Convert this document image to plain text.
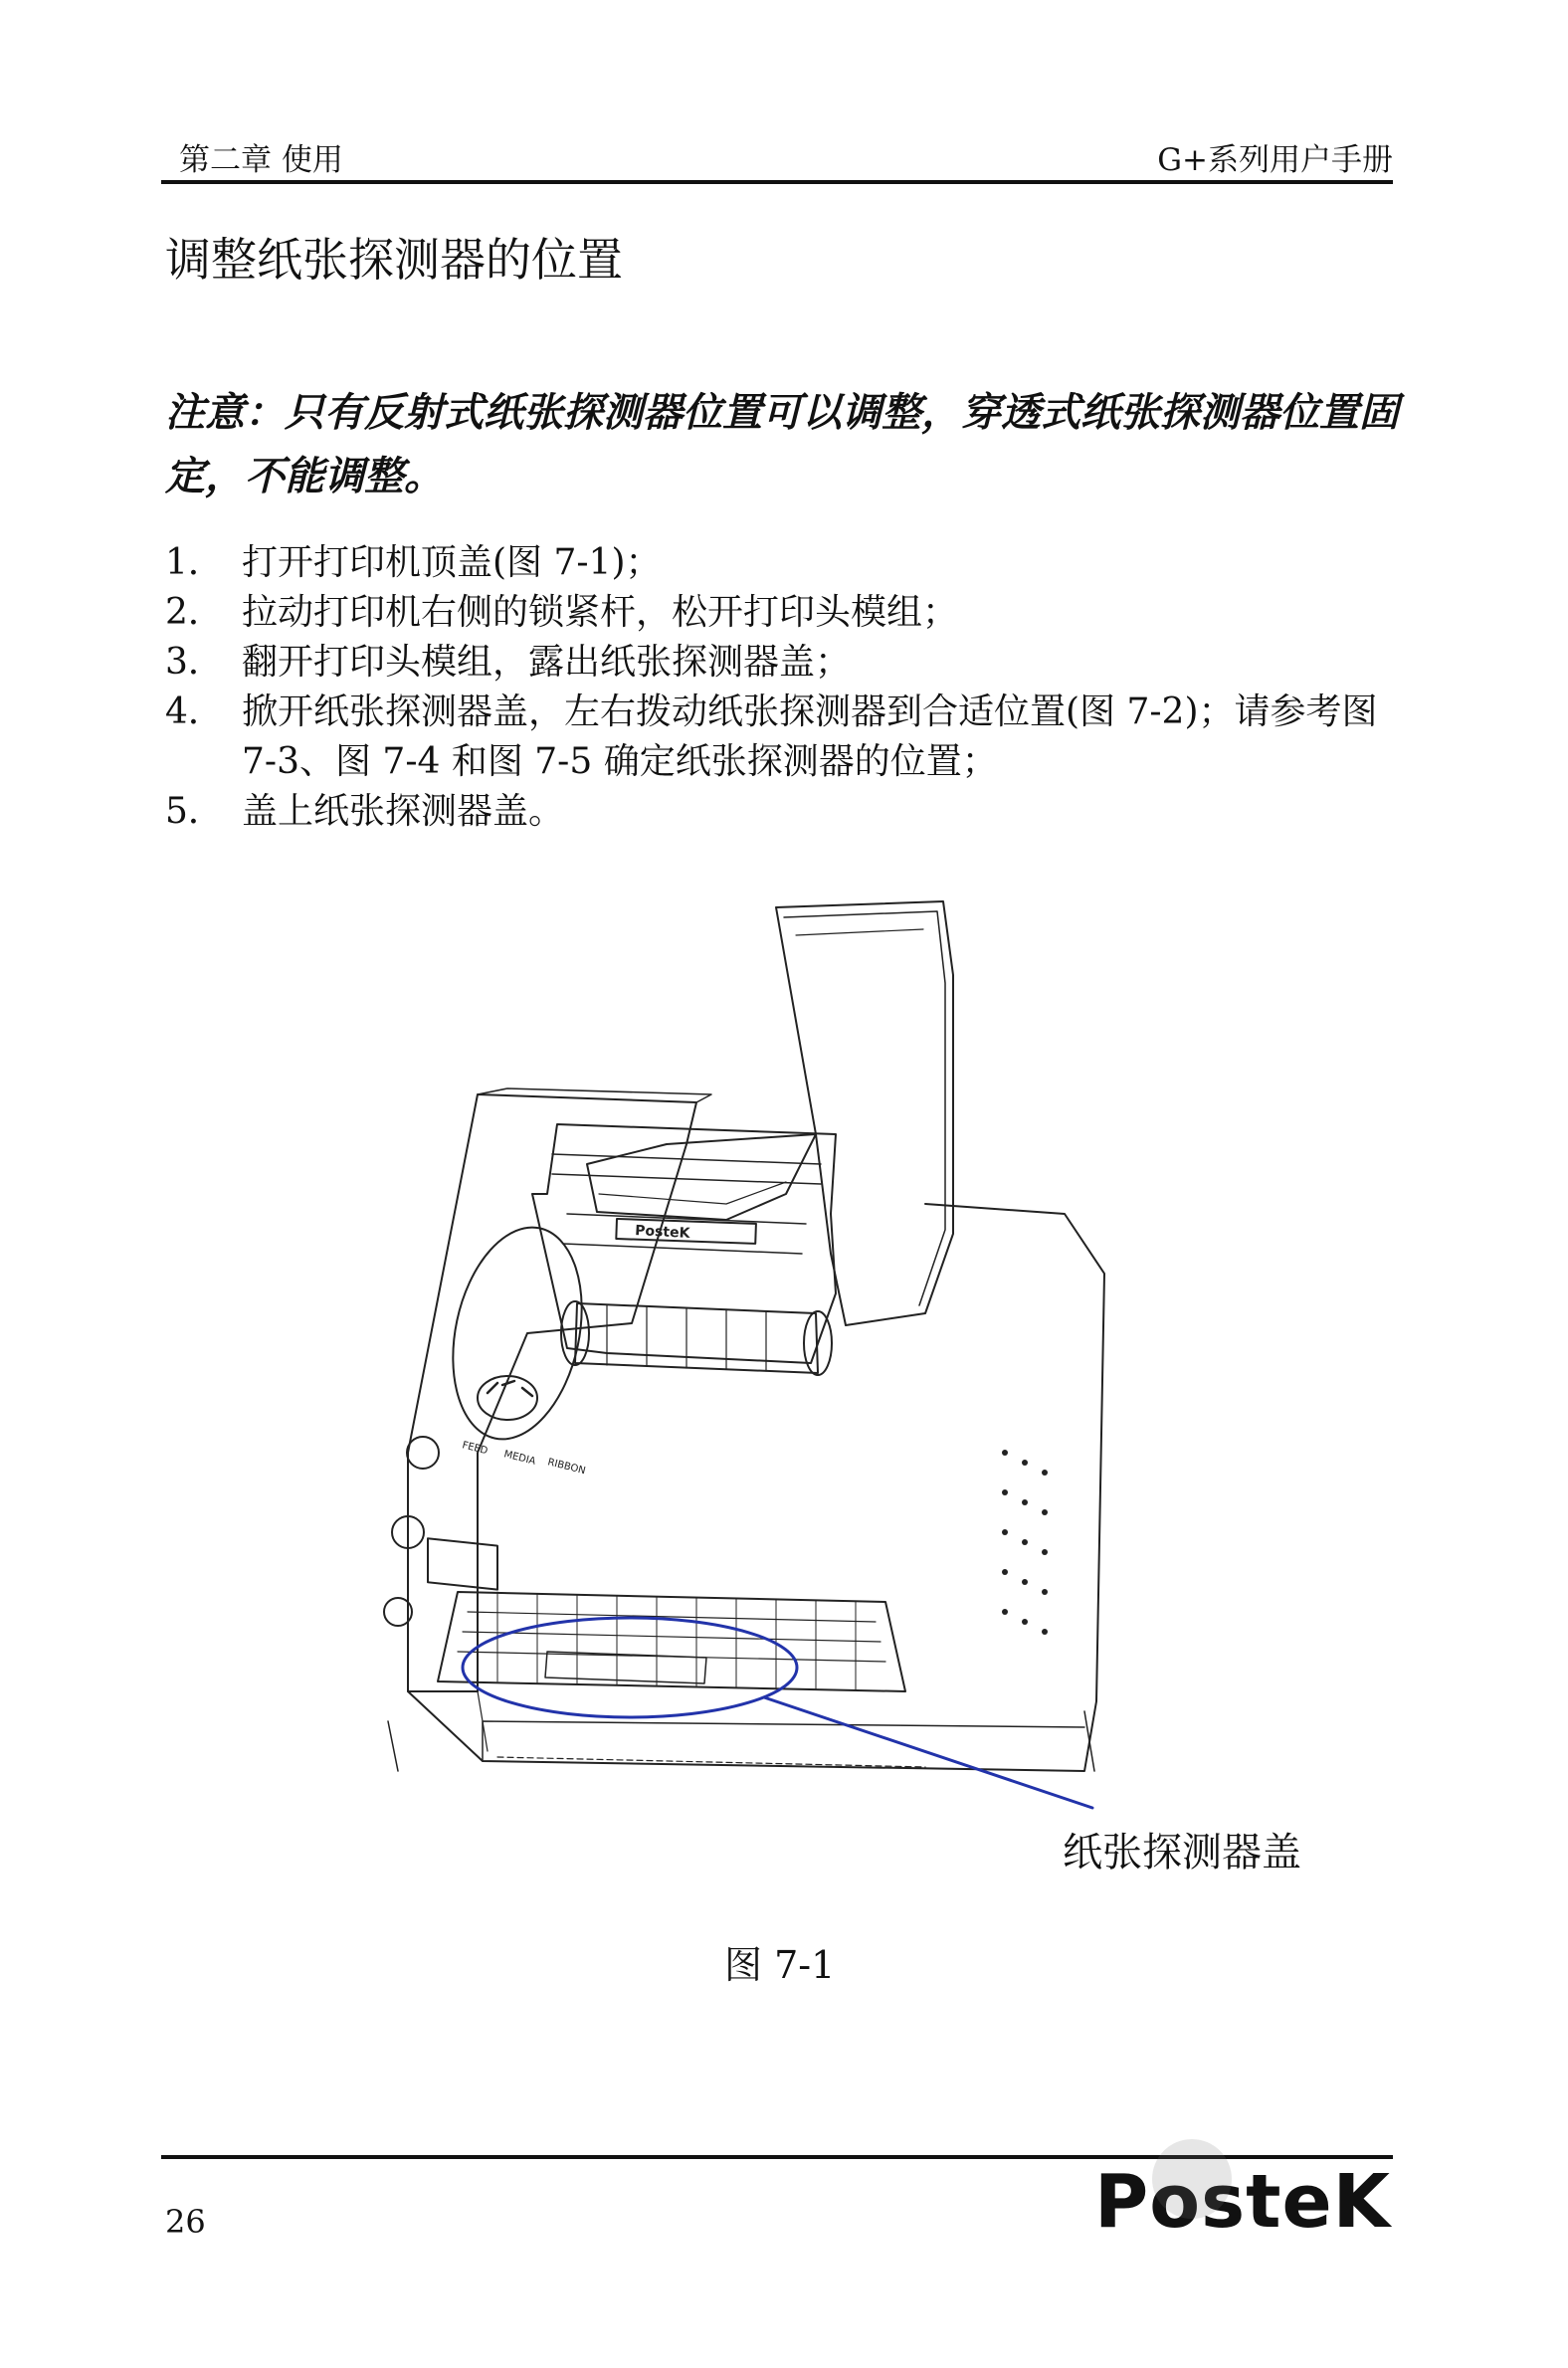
第二章 使用	G+系列用户手册
调整纸张探测器的位置
注意：只有反射式纸张探测器位置可以调整，穿透式纸张探测器位置固定，不能调整。
1． 打开打印机顶盖(图 7-1)；
2． 拉动打印机右侧的锁紧杆，松开打印头模组；
3． 翻开打印头模组，露出纸张探测器盖；
4． 掀开纸张探测器盖，左右拨动纸张探测器到合适位置(图 7-2)；请参考图 7-3、图 7-4 和图 7-5 确定纸张探测器的位置；
5． 盖上纸张探测器盖。
FEED
MEDIA RIBBON
PosteK
纸张探测器盖
图 7-1
26	PosteK
